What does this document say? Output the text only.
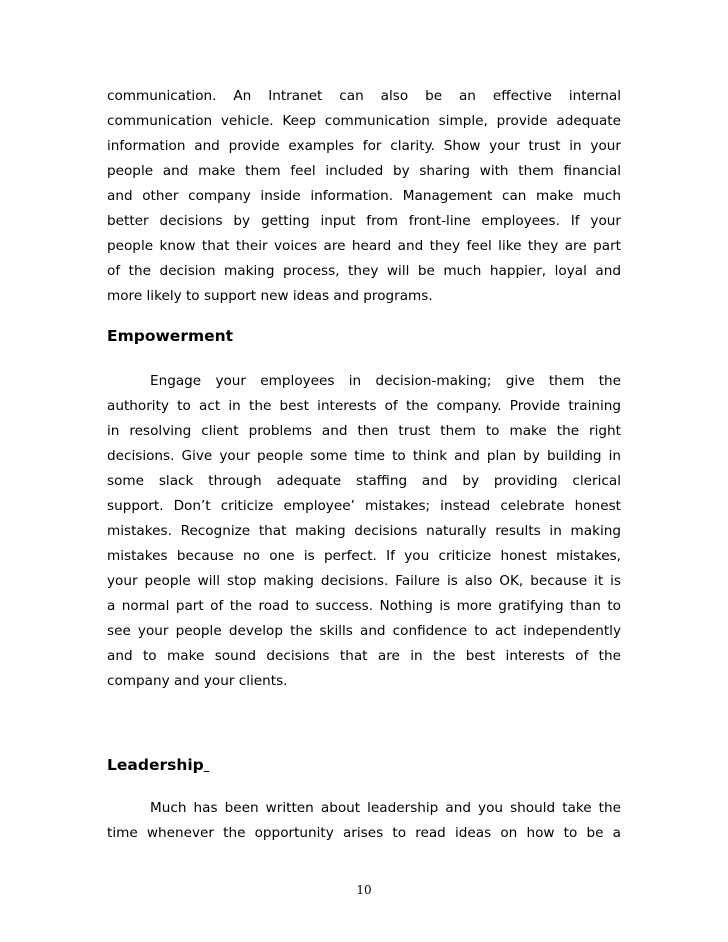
communication. An Intranet can also be an effective internal
communication vehicle. Keep communication simple, provide adequate
information and provide examples for clarity. Show your trust in your
people and make them feel included by sharing with them financial
and other company inside information. Management can make much
better decisions by getting input from front-line employees. If your
people know that their voices are heard and they feel like they are part
of the decision making process, they will be much happier, loyal and
more likely to support new ideas and programs.
Empowerment
Engage your employees in decision-making; give them the
authority to act in the best interests of the company. Provide training
in resolving client problems and then trust them to make the right
decisions. Give your people some time to think and plan by building in
some slack through adequate staffing and by providing clerical
support. Don’t criticize employee’ mistakes; instead celebrate honest
mistakes. Recognize that making decisions naturally results in making
mistakes because no one is perfect. If you criticize honest mistakes,
your people will stop making decisions. Failure is also OK, because it is
a normal part of the road to success. Nothing is more gratifying than to
see your people develop the skills and confidence to act independently
and to make sound decisions that are in the best interests of the
company and your clients.
Leadership
Much has been written about leadership and you should take the
time whenever the opportunity arises to read ideas on how to be a
10
